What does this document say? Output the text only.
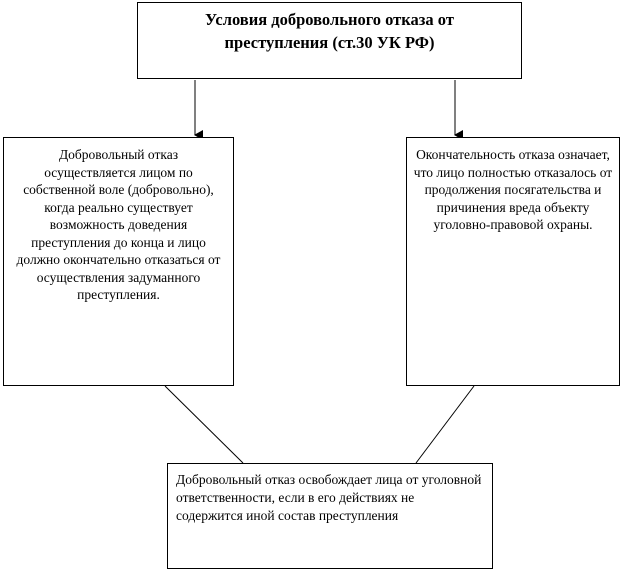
Условия добровольного отказа от преступления (ст.30 УК РФ)

Добровольный отказ осуществляется лицом по собственной воле (добровольно), когда реально существует возможность доведения преступления до конца и лицо должно окончательно отказаться от осуществления задуманного преступления.

Окончательность отказа означает, что лицо полностью отказалось от продолжения посягательства и причинения вреда объекту уголовно-правовой охраны.

Добровольный отказ освобождает лица от уголовной ответственности, если в его действиях не содержится иной состав преступления
